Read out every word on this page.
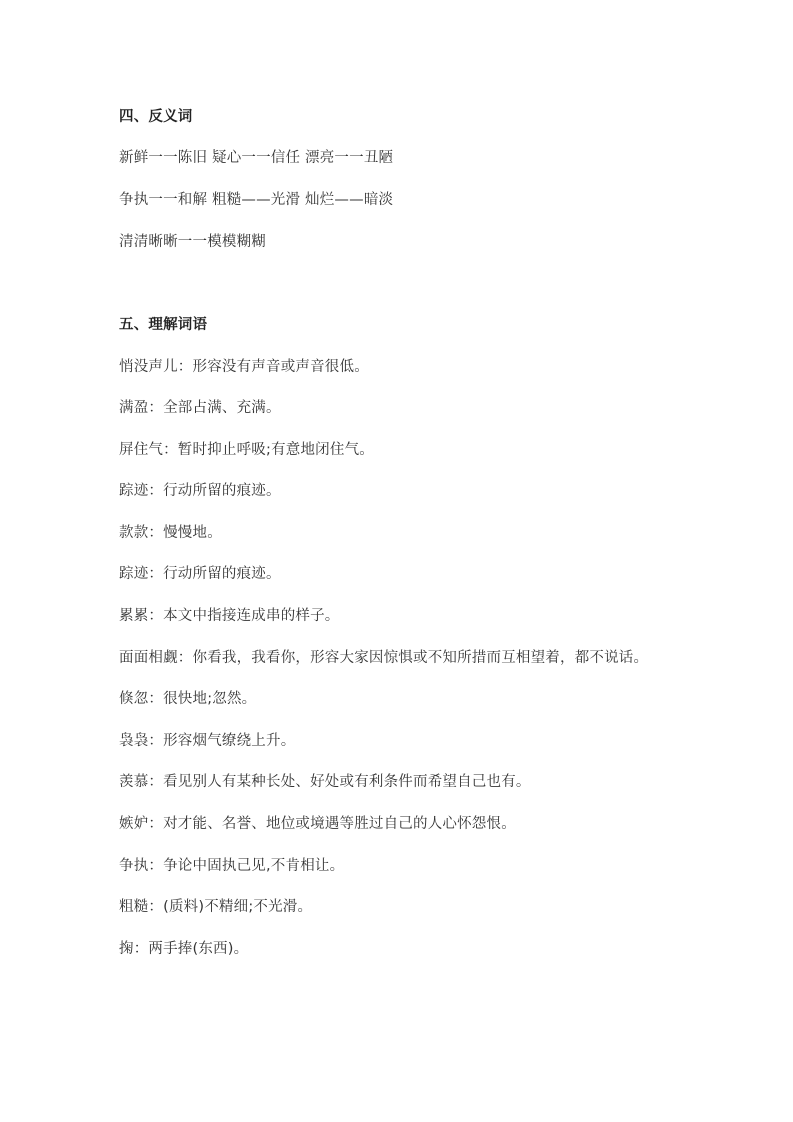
四、反义词
新鲜一一陈旧 疑心一一信任 漂亮一一丑陋
争执一一和解 粗糙——光滑 灿烂——暗淡
清清晰晰一一模模糊糊
五、理解词语
悄没声儿：形容没有声音或声音很低。
满盈：全部占满、充满。
屏住气：暂时抑止呼吸;有意地闭住气。
踪迹：行动所留的痕迹。
款款：慢慢地。
踪迹：行动所留的痕迹。
累累：本文中指接连成串的样子。
面面相觑：你看我，我看你，形容大家因惊惧或不知所措而互相望着，都不说话。
倏忽：很快地;忽然。
袅袅：形容烟气缭绕上升。
羡慕：看见别人有某种长处、好处或有利条件而希望自己也有。
嫉妒：对才能、名誉、地位或境遇等胜过自己的人心怀怨恨。
争执：争论中固执己见,不肯相让。
粗糙：(质料)不精细;不光滑。
掬：两手捧(东西)。
